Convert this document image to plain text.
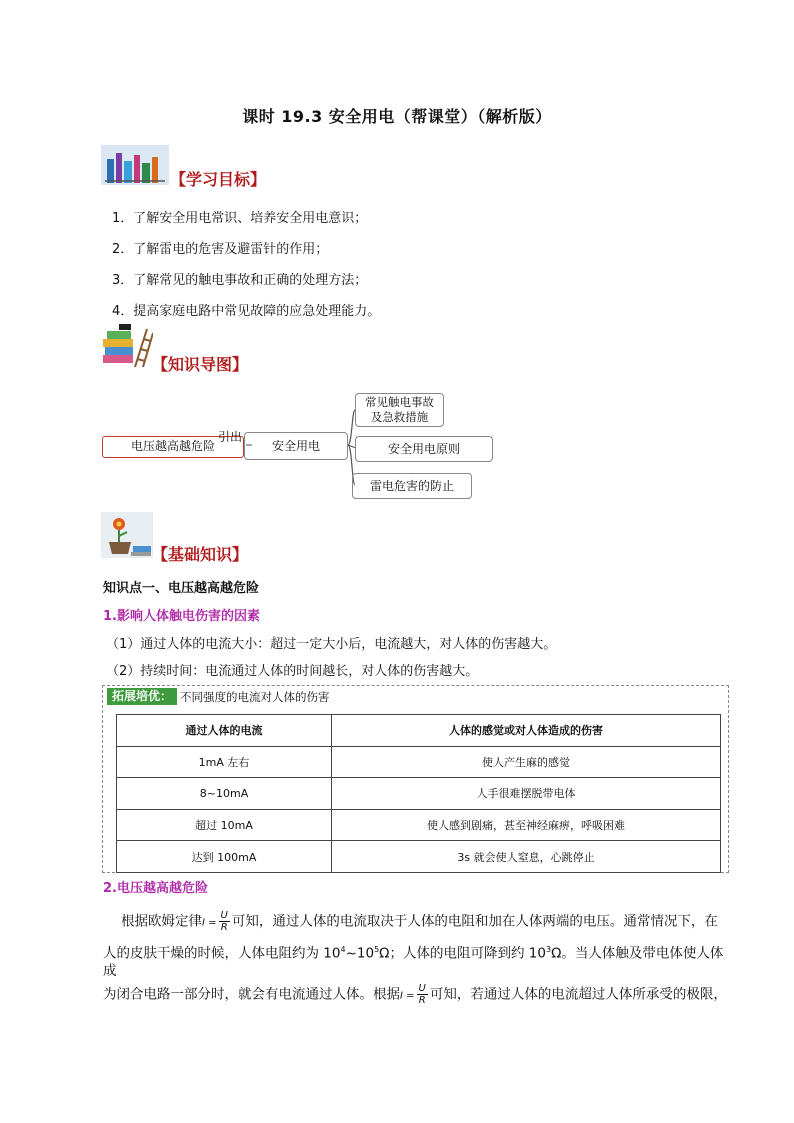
课时 19.3 安全用电（帮课堂）（解析版）
【学习目标】
1．了解安全用电常识、培养安全用电意识；
2．了解雷电的危害及避雷针的作用；
3．了解常见的触电事故和正确的处理方法；
4．提高家庭电路中常见故障的应急处理能力。
【知识导图】
电压越高越危险
引出
安全用电
常见触电事故
及急救措施
安全用电原则
雷电危害的防止
【基础知识】
知识点一、电压越高越危险
1.影响人体触电伤害的因素
（1）通过人体的电流大小：超过一定大小后，电流越大，对人体的伤害越大。
（2）持续时间：电流通过人体的时间越长，对人体的伤害越大。
拓展培优： 不同强度的电流对人体的伤害
通过人体的电流	人体的感觉或对人体造成的伤害
1mA 左右	使人产生麻的感觉
8~10mA	人手很难摆脱带电体
超过 10mA	使人感到剧痛，甚至神经麻痹，呼吸困难
达到 100mA	3s 就会使人窒息，心跳停止
2.电压越高越危险
根据欧姆定律$I = \frac{U}{R}$ 可知，通过人体的电流取决于人体的电阻和加在人体两端的电压。通常情况下，在
人的皮肤干燥的时候，人体电阻约为 $10^4\sim 10^5\Omega$；人体的电阻可降到约 $10^3\Omega$。当人体触及带电体使人体成
为闭合电路一部分时，就会有电流通过人体。根据$I = \frac{U}{R}$ 可知，若通过人体的电流超过人体所承受的极限，
